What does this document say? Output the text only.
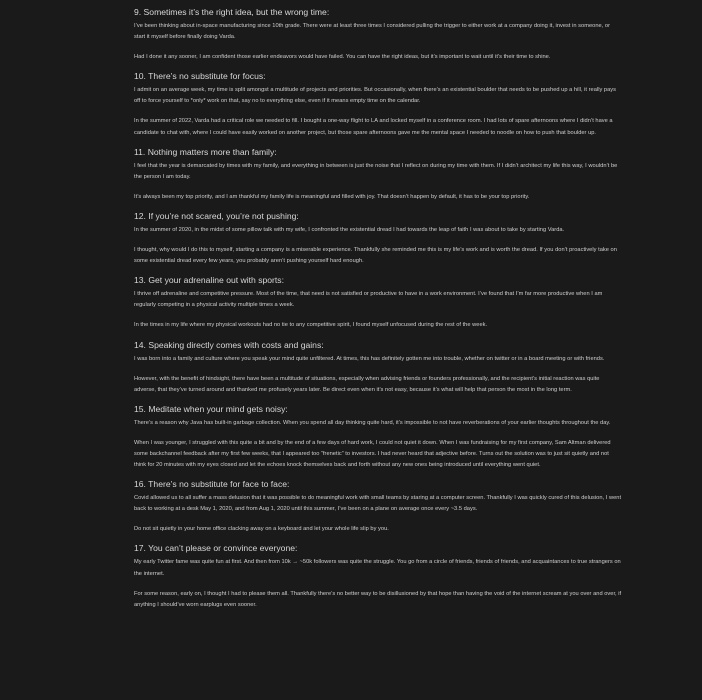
9. Sometimes it’s the right idea, but the wrong time:

I’ve been thinking about in-space manufacturing since 10th grade. There were at least three times I considered pulling the trigger to either work at a company doing it, invest in someone, or start it myself before finally doing Varda.

Had I done it any sooner, I am confident those earlier endeavors would have failed. You can have the right ideas, but it’s important to wait until it’s their time to shine.

10. There’s no substitute for focus:

I admit on an average week, my time is split amongst a multitude of projects and priorities. But occasionally, when there’s an existential boulder that needs to be pushed up a hill, it really pays off to force yourself to *only* work on that, say no to everything else, even if it means empty time on the calendar.

In the summer of 2022, Varda had a critical role we needed to fill. I bought a one-way flight to LA and locked myself in a conference room. I had lots of spare afternoons where I didn’t have a candidate to chat with, where I could have easily worked on another project, but those spare afternoons gave me the mental space I needed to noodle on how to push that boulder up.

11. Nothing matters more than family:

I feel that the year is demarcated by times with my family, and everything in between is just the noise that I reflect on during my time with them. If I didn’t architect my life this way, I wouldn’t be the person I am today.

It’s always been my top priority, and I am thankful my family life is meaningful and filled with joy. That doesn’t happen by default, it has to be your top priority.

12. If you’re not scared, you’re not pushing:

In the summer of 2020, in the midst of some pillow talk with my wife, I confronted the existential dread I had towards the leap of faith I was about to take by starting Varda.

I thought, why would I do this to myself, starting a company is a miserable experience. Thankfully she reminded me this is my life’s work and is worth the dread. If you don’t proactively take on some existential dread every few years, you probably aren’t pushing yourself hard enough.

13. Get your adrenaline out with sports:

I thrive off adrenaline and competitive pressure. Most of the time, that need is not satisfied or productive to have in a work environment. I’ve found that I’m far more productive when I am regularly competing in a physical activity multiple times a week.

In the times in my life where my physical workouts had no tie to any competitive spirit, I found myself unfocused during the rest of the week.

14. Speaking directly comes with costs and gains:

I was born into a family and culture where you speak your mind quite unfiltered. At times, this has definitely gotten me into trouble, whether on twitter or in a board meeting or with friends.

However, with the benefit of hindsight, there have been a multitude of situations, especially when advising friends or founders professionally, and the recipient’s initial reaction was quite adverse, that they’ve turned around and thanked me profusely years later. Be direct even when it’s not easy, because it’s what will help that person the most in the long term.

15. Meditate when your mind gets noisy:

There’s a reason why Java has built-in garbage collection. When you spend all day thinking quite hard, it’s impossible to not have reverberations of your earlier thoughts throughout the day.

When I was younger, I struggled with this quite a bit and by the end of a few days of hard work, I could not quiet it down. When I was fundraising for my first company, Sam Altman delivered some backchannel feedback after my first few weeks, that I appeared too “frenetic” to investors. I had never heard that adjective before. Turns out the solution was to just sit quietly and not think for 20 minutes with my eyes closed and let the echoes knock themselves back and forth without any new ones being introduced until everything went quiet.

16. There’s no substitute for face to face:

Covid allowed us to all suffer a mass delusion that it was possible to do meaningful work with small teams by staring at a computer screen. Thankfully I was quickly cured of this delusion, I went back to working at a desk May 1, 2020, and from Aug 1, 2020 until this summer, I’ve been on a plane on average once every ~3.5 days.

Do not sit quietly in your home office clacking away on a keyboard and let your whole life slip by you.

17. You can’t please or convince everyone:

My early Twitter fame was quite fun at first. And then from 10k → ~50k followers was quite the struggle. You go from a circle of friends, friends of friends, and acquaintances to true strangers on the internet.

For some reason, early on, I thought I had to please them all. Thankfully there’s no better way to be disillusioned by that hope than having the void of the internet scream at you over and over, if anything I should’ve worn earplugs even sooner.
